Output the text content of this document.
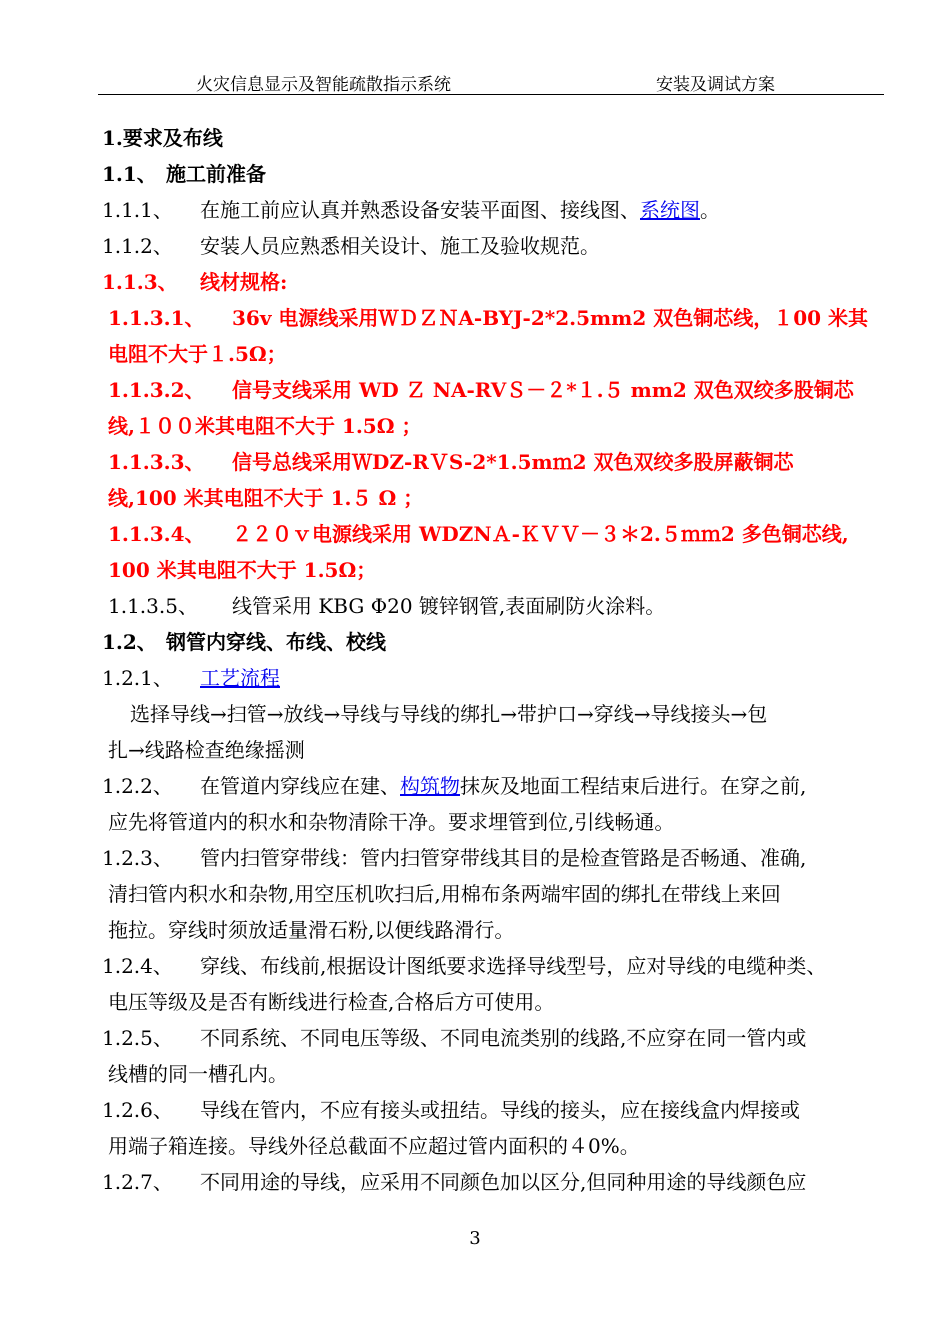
火灾信息显示及智能疏散指示系统	安装及调试方案
1.要求及布线
1.1、 施工前准备
1.1.1、 在施工前应认真并熟悉设备安装平面图、接线图、系统图。
1.1.2、 安装人员应熟悉相关设计、施工及验收规范。
1.1.3、 线材规格:
1.1.3.1、 36v 电源线采用ＷＤＺＮA-BYJ-2*2.5mm2 双色铜芯线，１00 米其
电阻不大于１.5Ω；
1.1.3.2、 信号支线采用 WD Ｚ NA-RVＳ－２*１.５ mm2 双色双绞多股铜芯
线,１００米其电阻不大于 1.5Ω ；
1.1.3.3、 信号总线采用ＷDZ-RＶS-2*1.5mｍ2 双色双绞多股屏蔽铜芯
线,100 米其电阻不大于 1.５ Ω ；
1.1.3.4、 ２２０ｖ电源线采用 WDZNＡ-ＫＶＶ－３＊2.５ｍｍ2 多色铜芯线,
100 米其电阻不大于 1.5Ω；
1.1.3.5、 线管采用 KBG Φ20 镀锌钢管,表面刷防火涂料。
1.2、 钢管内穿线、布线、校线
1.2.1、 工艺流程
选择导线→扫管→放线→导线与导线的绑扎→带护口→穿线→导线接头→包
扎→线路检查绝缘摇测
1.2.2、 在管道内穿线应在建、构筑物抹灰及地面工程结束后进行。在穿之前,
应先将管道内的积水和杂物清除干净。要求埋管到位,引线畅通。
1.2.3、 管内扫管穿带线：管内扫管穿带线其目的是检查管路是否畅通、准确,
清扫管内积水和杂物,用空压机吹扫后,用棉布条两端牢固的绑扎在带线上来回
拖拉。穿线时须放适量滑石粉,以便线路滑行。
1.2.4、 穿线、布线前,根据设计图纸要求选择导线型号，应对导线的电缆种类、
电压等级及是否有断线进行检查,合格后方可使用。
1.2.5、 不同系统、不同电压等级、不同电流类别的线路,不应穿在同一管内或
线槽的同一槽孔内。
1.2.6、 导线在管内，不应有接头或扭结。导线的接头，应在接线盒内焊接或
用端子箱连接。导线外径总截面不应超过管内面积的４0%。
1.2.7、 不同用途的导线，应采用不同颜色加以区分,但同种用途的导线颜色应
3
